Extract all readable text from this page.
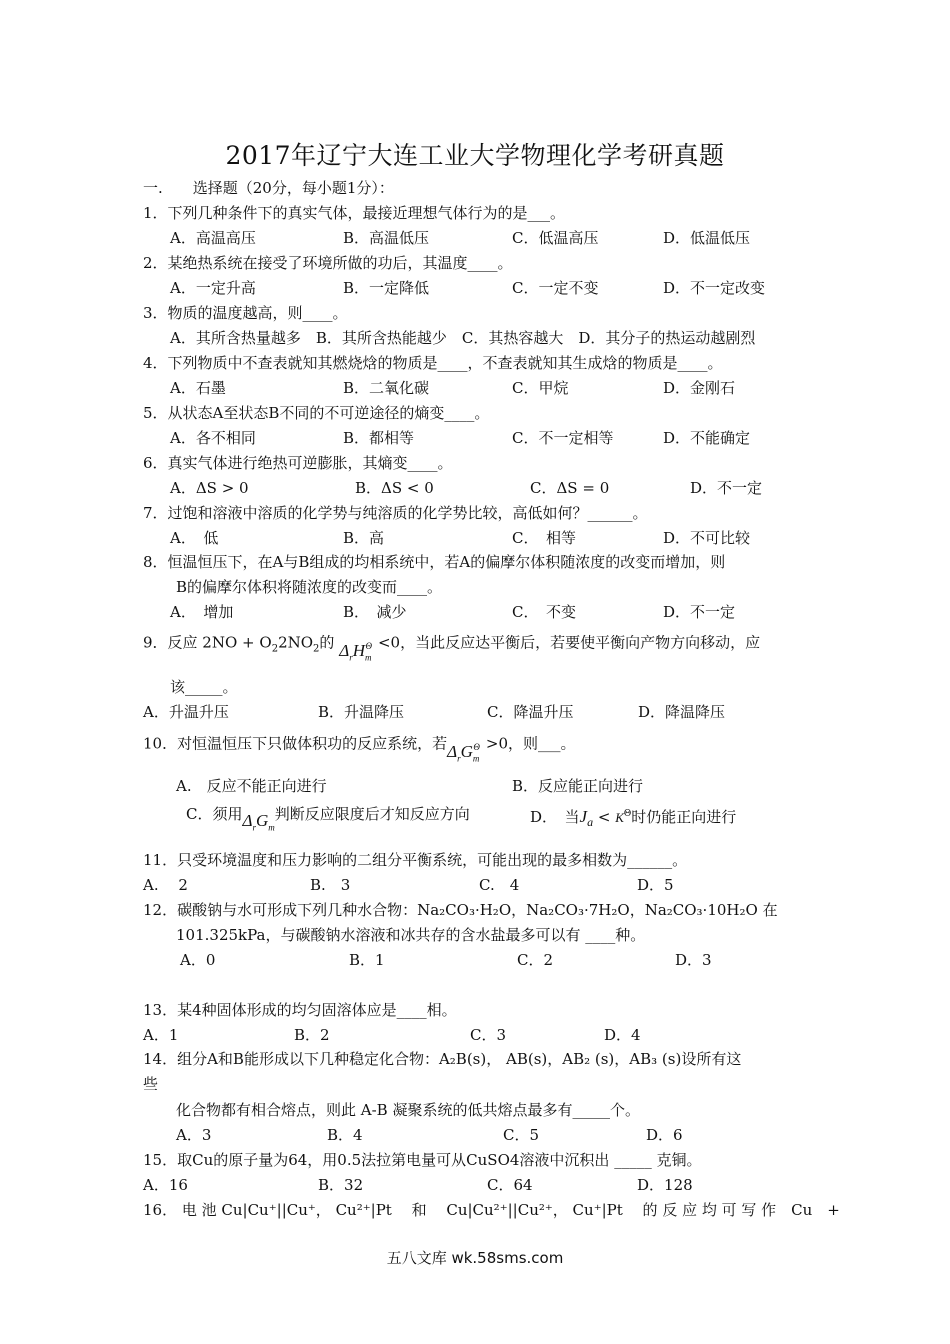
2017年辽宁大连工业大学物理化学考研真题
一.　　选择题（20分，每小题1分）：
1．下列几种条件下的真实气体，最接近理想气体行为的是___。
A．高温高压	B．高温低压	C．低温高压	D．低温低压
2．某绝热系统在接受了环境所做的功后，其温度____。
A．一定升高	B．一定降低	C．一定不变	D．不一定改变
3．物质的温度越高，则____。
A．其所含热量越多　B．其所含热能越少　C．其热容越大　D．其分子的热运动越剧烈
4．下列物质中不查表就知其燃烧焓的物质是____，不查表就知其生成焓的物质是____。
A．石墨	B．二氧化碳	C．甲烷	D．金刚石
5．从状态A至状态B不同的不可逆途径的熵变____。
A．各不相同	B．都相等	C．不一定相等	D．不能确定
6．真实气体进行绝热可逆膨胀，其熵变____。
A．ΔS > 0	B．ΔS < 0	C．ΔS = 0	D．不一定
7．过饱和溶液中溶质的化学势与纯溶质的化学势比较，高低如何？______。
A．　低	B．高	C．　相等	D．不可比较
8．恒温恒压下，在A与B组成的均相系统中，若A的偏摩尔体积随浓度的改变而增加，则
B的偏摩尔体积将随浓度的改变而____。
A．　增加	B．　减少	C．　不变	D．不一定
9．反应 $2NO + O_22NO_2$的 $\Delta_rH_m^\Theta <0$，当此反应达平衡后，若要使平衡向产物方向移动，应
该_____。
A．升温升压	B．升温降压	C．降温升压	D．降温降压
10．对恒温恒压下只做体积功的反应系统，若$\Delta_rG_m^\Theta >0$，则___。
A.　反应不能正向进行	B．反应能正向进行
C．须用$\Delta_rG_m$判断反应限度后才知反应方向	D．　当$J_a < K^\Theta$时仍能正向进行
11．只受环境温度和压力影响的二组分平衡系统，可能出现的最多相数为______。
A.　 2	B.　3	C.　4	D．5
12．碳酸钠与水可形成下列几种水合物：Na₂CO₃·H₂O，Na₂CO₃·7H₂O，Na₂CO₃·10H₂O 在
101.325kPa，与碳酸钠水溶液和冰共存的含水盐最多可以有 ____种。
A．0	B．1	C．2	D．3
13．某4种固体形成的均匀固溶体应是____相。
A．1	B．2	C．3	D．4
14．组分A和B能形成以下几种稳定化合物：A₂B(s)， AB(s)，AB₂ (s)，AB₃ (s)设所有这
些
化合物都有相合熔点，则此 A-B 凝聚系统的低共熔点最多有_____个。
A．3	B．4	C．5	D．6
15．取Cu的原子量为64，用0.5法拉第电量可从CuSO4溶液中沉积出 _____ 克铜。
A．16	B．32	C．64	D．128
16． 电 池 Cu|Cu⁺||Cu⁺， Cu²⁺|Pt　 和　 Cu|Cu²⁺||Cu²⁺， Cu⁺|Pt　 的 反 应 均 可 写 作　Cu　+
五八文库 wk.58sms.com
